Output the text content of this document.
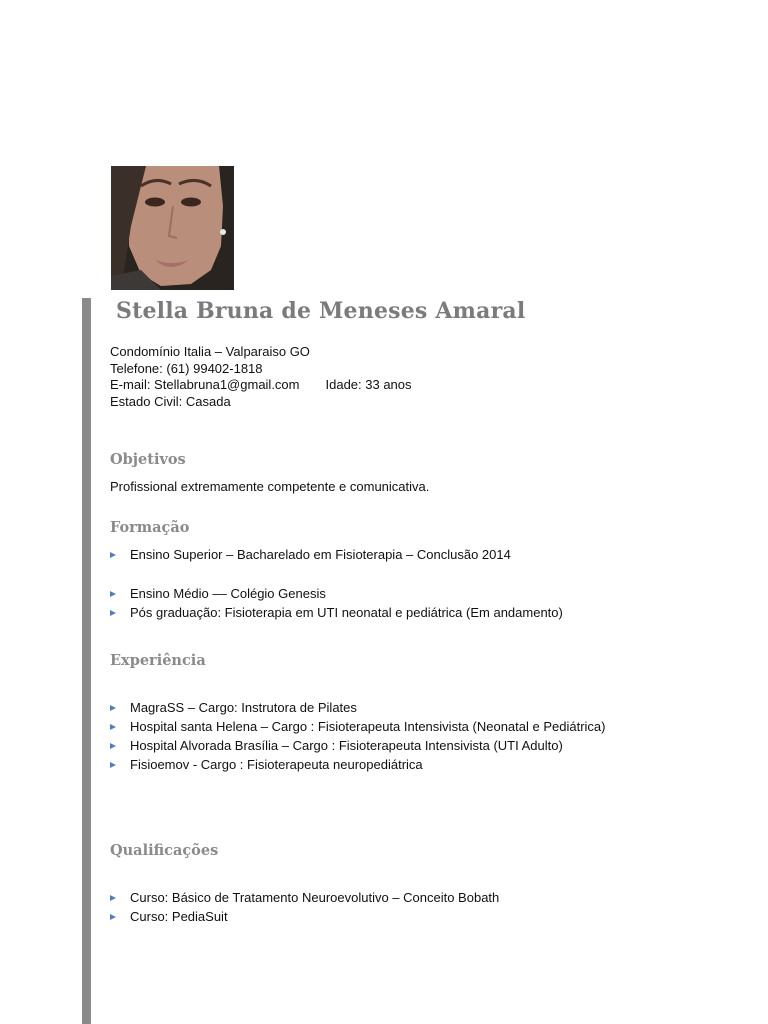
Stella Bruna de Meneses Amaral
Condomínio Italia – Valparaiso GO
Telefone: (61) 99402-1818
E-mail: Stellabruna1@gmail.com Idade: 33 anos
Estado Civil: Casada
Objetivos
Profissional extremamente competente e comunicativa.
Formação
Ensino Superior – Bacharelado em Fisioterapia – Conclusão 2014
Ensino Médio –– Colégio Genesis
Pós graduação: Fisioterapia em UTI neonatal e pediátrica (Em andamento)
Experiência
MagraSS – Cargo: Instrutora de Pilates
Hospital santa Helena – Cargo : Fisioterapeuta Intensivista (Neonatal e Pediátrica)
Hospital Alvorada Brasília – Cargo : Fisioterapeuta Intensivista (UTI Adulto)
Fisioemov - Cargo : Fisioterapeuta neuropediátrica
Qualificações
Curso: Básico de Tratamento Neuroevolutivo – Conceito Bobath
Curso: PediaSuit
